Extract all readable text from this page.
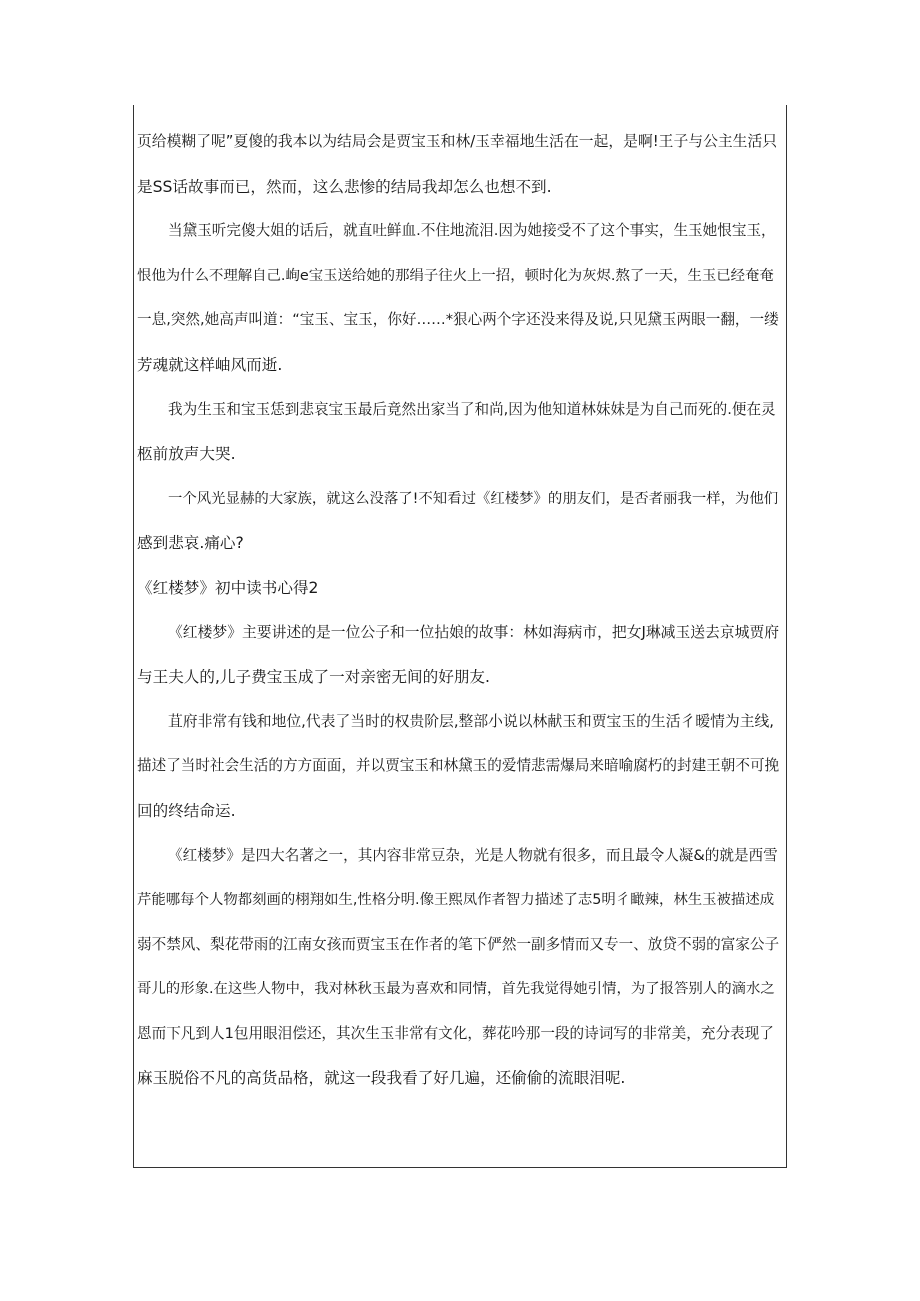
页给模糊了呢”夏傻的我本以为结局会是贾宝玉和林/玉幸福地生活在一起，是啊!王子与公主生活只

是SS话故事而已，然而，这么悲惨的结局我却怎么也想不到.

当黛玉听完傻大姐的话后，就直吐鲜血.不住地流泪.因为她接受不了这个事实，生玉她恨宝玉，

恨他为什么不理解自己.峋e宝玉送给她的那绢子往火上一招，顿时化为灰烬.熬了一天，生玉已经奄奄

一息,突然,她高声叫道：“宝玉、宝玉，你好……*狠心两个字还没来得及说,只见黛玉两眼一翻，一缕

芳魂就这样岫风而逝.

我为生玉和宝玉恁到悲哀宝玉最后竟然出家当了和尚,因为他知道林妹妹是为自己而死的.便在灵

柩前放声大哭.

一个风光显赫的大家族，就这么没落了!不知看过《红楼梦》的朋友们，是否者丽我一样，为他们

感到悲哀.痛心?

《红楼梦》初中读书心得2

《红楼梦》主要讲述的是一位公子和一位拈娘的故事：林如海病市，把女J琳减玉送去京城贾府

与王夫人的,儿子费宝玉成了一对亲密无间的好朋友.

苴府非常有钱和地位,代表了当时的权贵阶层,整部小说以林献玉和贾宝玉的生活彳暧情为主线,

描述了当时社会生活的方方面面，并以贾宝玉和林黛玉的爱情悲需爆局来暗喻腐朽的封建王朝不可挽

回的终结命运.

《红楼梦》是四大名著之一，其内容非常豆杂，光是人物就有很多，而且最令人凝&的就是西雪

芹能哪每个人物都刻画的栩翔如生,性格分明.像王熙凤作者智力描述了志5明彳瞰辣，林生玉被描述成

弱不禁风、梨花带雨的江南女孩而贾宝玉在作者的笔下俨然一副多情而又专一、放贷不弱的富家公子

哥儿的形象.在这些人物中，我对林秋玉最为喜欢和同情，首先我觉得她引情，为了报答别人的滴水之

恩而下凡到人1包用眼泪偿还，其次生玉非常有文化，葬花吟那一段的诗词写的非常美，充分表现了

麻玉脱俗不凡的高货品格，就这一段我看了好几遍，还偷偷的流眼泪呢.
